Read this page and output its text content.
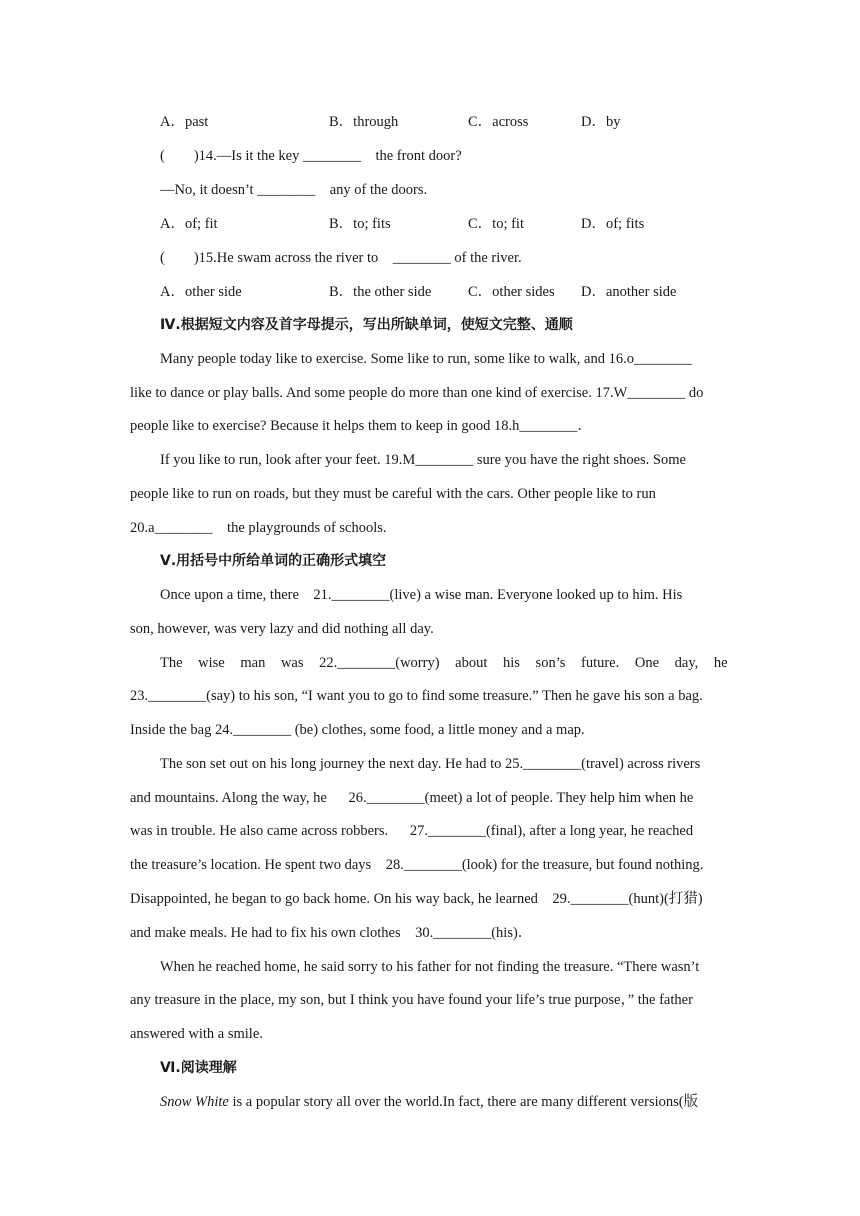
A．past	B．through	C．across	D．by
(        )14.—Is it the key ________    the front door?
—No, it doesn’t ________    any of the doors.
A．of; fit	B．to; fits	C．to; fit	D．of; fits
(        )15.He swam across the river to    ________ of the river.
A．other side	B．the other side	C．other sides D．another side
Ⅳ.根据短文内容及首字母提示，写出所缺单词，使短文完整、通顺
Many people today like to exercise. Some like to run, some like to walk, and 16.o________
like to dance or play balls. And some people do more than one kind of exercise. 17.W________ do
people like to exercise? Because it helps them to keep in good 18.h________．
If you like to run, look after your feet. 19.M________ sure you have the right shoes. Some
people like to run on roads, but they must be careful with the cars. Other people like to run
20.a________    the playgrounds of schools.
Ⅴ.用括号中所给单词的正确形式填空
Once upon a time, there    21.________(live) a wise man. Everyone looked up to him. His
son, however, was very lazy and did nothing all day.
The wise man was 22.________(worry) about his son’s future. One day, he
23.________(say) to his son, “I want you to go to find some treasure.” Then he gave his son a bag.
Inside the bag 24.________ (be) clothes, some food, a little money and a map.
The son set out on his long journey the next day. He had to 25.________(travel) across rivers
and mountains. Along the way, he      26.________(meet) a lot of people. They help him when he
was in trouble. He also came across robbers.      27.________(final), after a long year, he reached
the treasure’s location. He spent two days    28.________(look) for the treasure, but found nothing.
Disappointed, he began to go back home. On his way back, he learned    29.________(hunt)(打猎)
and make meals. He had to fix his own clothes    30.________(his)．
When he reached home, he said sorry to his father for not finding the treasure. “There wasn’t
any treasure in the place, my son, but I think you have found your life’s true purpose，” the father
answered with a smile.
Ⅵ.阅读理解
Snow White is a popular story all over the world.In fact, there are many different versions(版
